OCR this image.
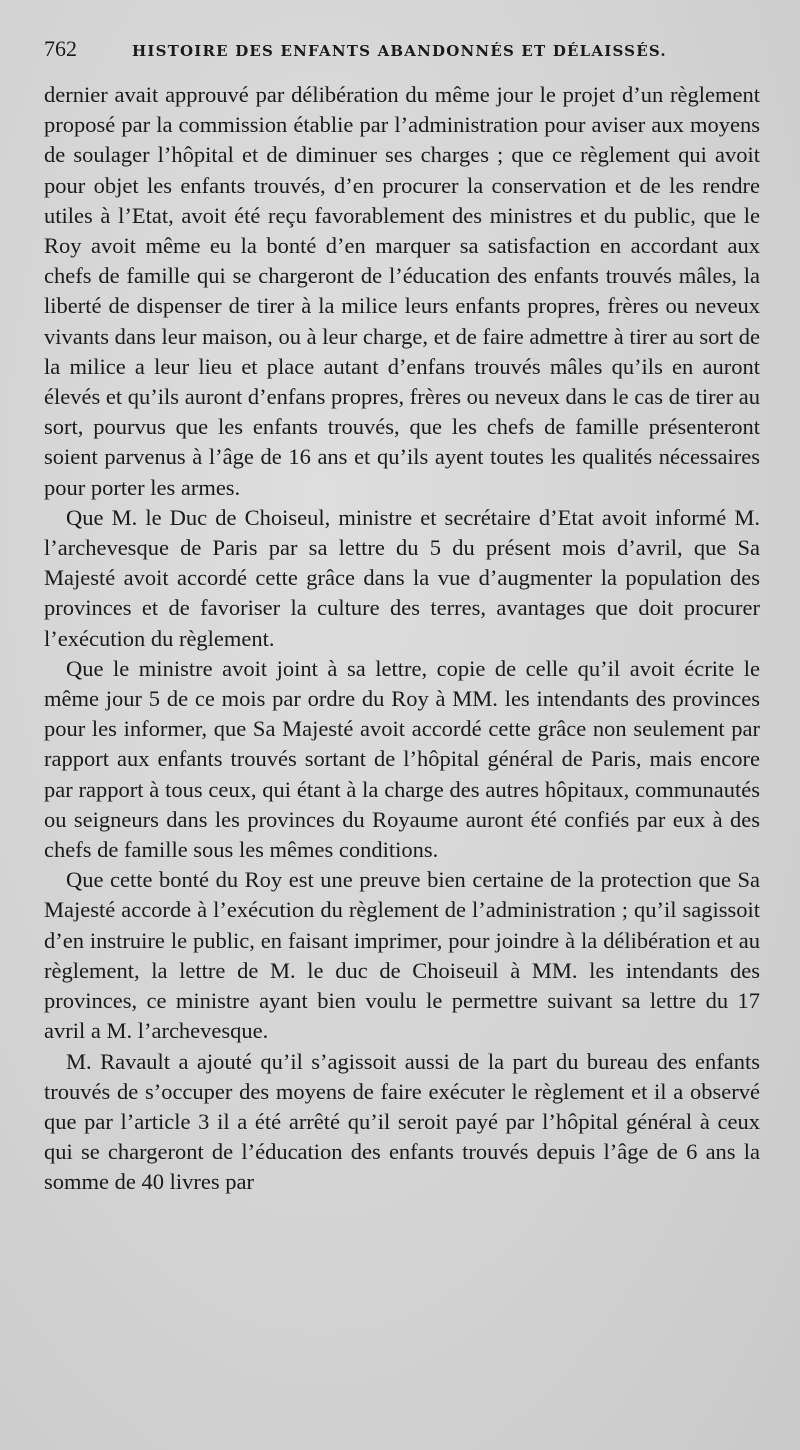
762	HISTOIRE DES ENFANTS ABANDONNÉS ET DÉLAISSÉS.

dernier avait approuvé par délibération du même jour le projet d’un règlement proposé par la commission établie par l’administration pour aviser aux moyens de soulager l’hôpital et de diminuer ses charges ; que ce règlement qui avoit pour objet les enfants trouvés, d’en procurer la conservation et de les rendre utiles à l’Etat, avoit été reçu favorablement des ministres et du public, que le Roy avoit même eu la bonté d’en marquer sa satisfaction en accordant aux chefs de famille qui se chargeront de l’éducation des enfants trouvés mâles, la liberté de dispenser de tirer à la milice leurs enfants propres, frères ou neveux vivants dans leur maison, ou à leur charge, et de faire admettre à tirer au sort de la milice a leur lieu et place autant d’enfans trouvés mâles qu’ils en auront élevés et qu’ils auront d’enfans propres, frères ou neveux dans le cas de tirer au sort, pourvus que les enfants trouvés, que les chefs de famille présenteront soient parvenus à l’âge de 16 ans et qu’ils ayent toutes les qualités nécessaires pour porter les armes.

Que M. le Duc de Choiseul, ministre et secrétaire d’Etat avoit informé M. l’archevesque de Paris par sa lettre du 5 du présent mois d’avril, que Sa Majesté avoit accordé cette grâce dans la vue d’augmenter la population des provinces et de favoriser la culture des terres, avantages que doit procurer l’exécution du règlement.

Que le ministre avoit joint à sa lettre, copie de celle qu’il avoit écrite le même jour 5 de ce mois par ordre du Roy à MM. les intendants des provinces pour les informer, que Sa Majesté avoit accordé cette grâce non seulement par rapport aux enfants trouvés sortant de l’hôpital général de Paris, mais encore par rapport à tous ceux, qui étant à la charge des autres hôpitaux, communautés ou seigneurs dans les provinces du Royaume auront été confiés par eux à des chefs de famille sous les mêmes conditions.

Que cette bonté du Roy est une preuve bien certaine de la protection que Sa Majesté accorde à l’exécution du règlement de l’administration ; qu’il sagissoit d’en instruire le public, en faisant imprimer, pour joindre à la délibération et au règlement, la lettre de M. le duc de Choiseuil à MM. les intendants des provinces, ce ministre ayant bien voulu le permettre suivant sa lettre du 17 avril a M. l’archevesque.

M. Ravault a ajouté qu’il s’agissoit aussi de la part du bureau des enfants trouvés de s’occuper des moyens de faire exécuter le règlement et il a observé que par l’article 3 il a été arrêté qu’il seroit payé par l’hôpital général à ceux qui se chargeront de l’éducation des enfants trouvés depuis l’âge de 6 ans la somme de 40 livres par
